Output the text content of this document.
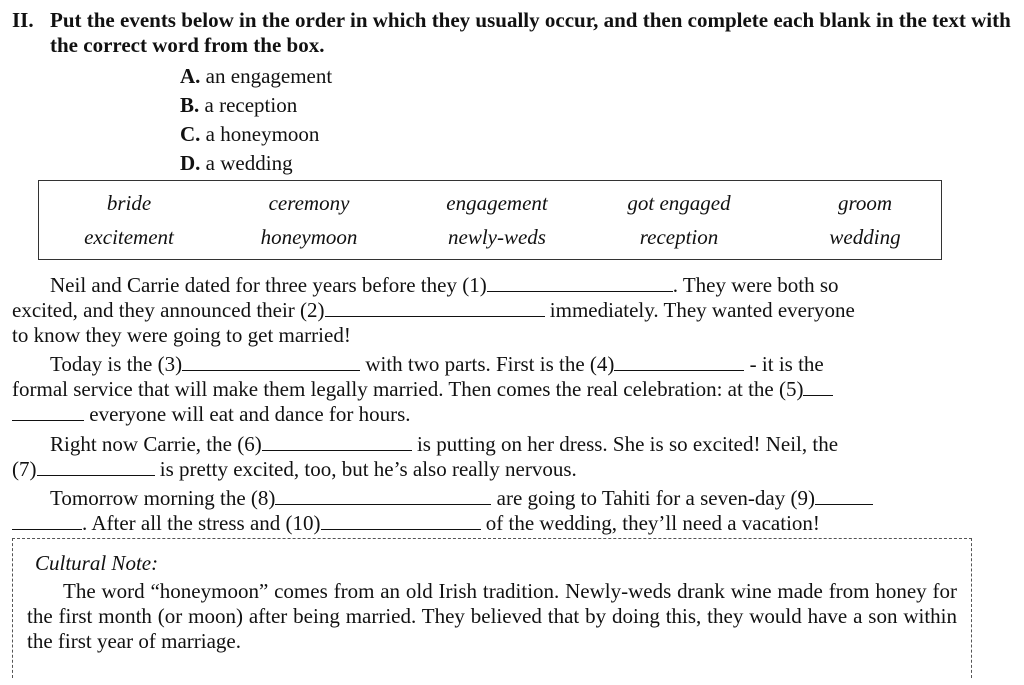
II. Put the events below in the order in which they usually occur, and then complete each blank in the text with the correct word from the box.
A. an engagement
B. a reception
C. a honeymoon
D. a wedding
bride	ceremony	engagement	got engaged	groom
excitement	honeymoon	newly-weds	reception	wedding
Neil and Carrie dated for three years before they (1)	. They were both so
excited, and they announced their (2)	immediately. They wanted everyone
to know they were going to get married!
Today is the (3)	with two parts. First is the (4)	- it is the
formal service that will make them legally married. Then comes the real celebration: at the (5)
everyone will eat and dance for hours.
Right now Carrie, the (6)	is putting on her dress. She is so excited! Neil, the
(7)	is pretty excited, too, but he’s also really nervous.
Tomorrow morning the (8)	are going to Tahiti for a seven-day (9)
. After all the stress and (10)	of the wedding, they’ll need a vacation!
Cultural Note:
The word “honeymoon” comes from an old Irish tradition. Newly-weds drank wine made from honey for the first month (or moon) after being married. They believed that by doing this, they would have a son within the first year of marriage.
